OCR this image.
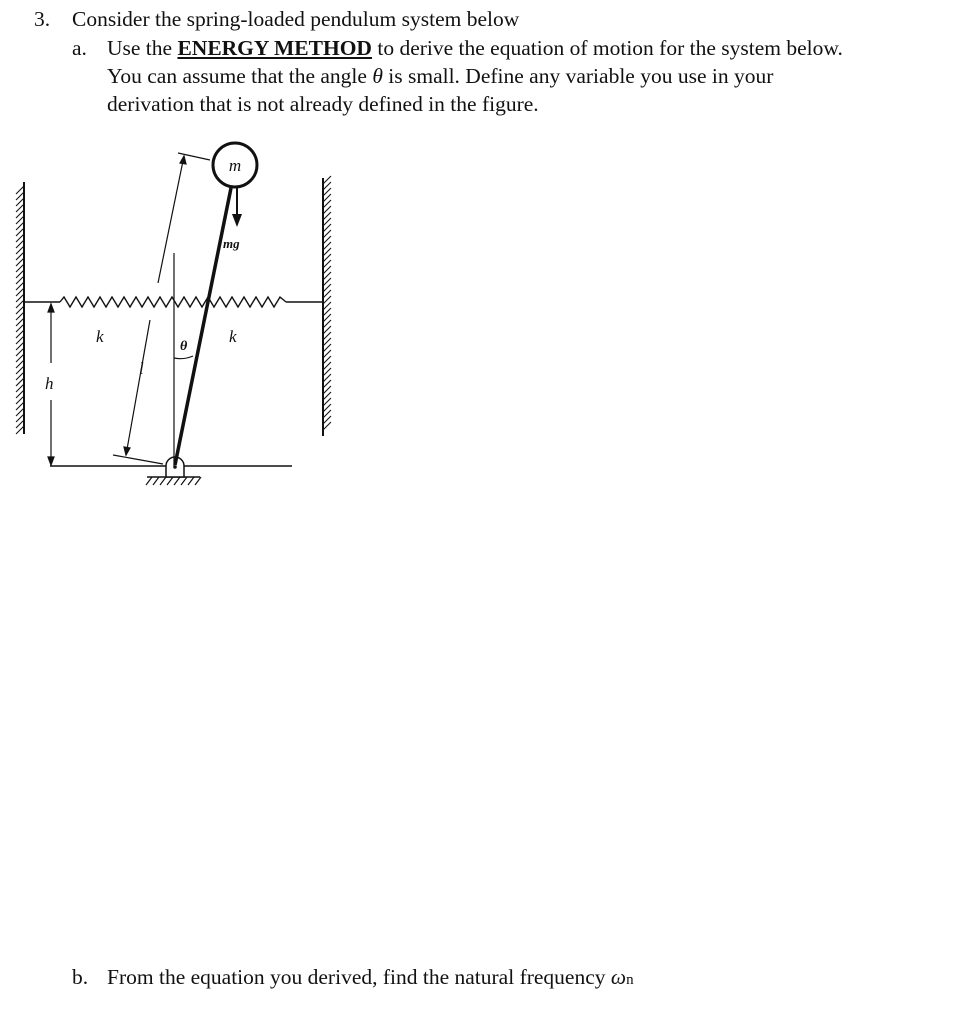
3. Consider the spring-loaded pendulum system below
a. Use the ENERGY METHOD to derive the equation of motion for the system below.
You can assume that the angle θ is small. Define any variable you use in your
derivation that is not already defined in the figure.
m
mg
l
θ
k	k
h
b. From the equation you derived, find the natural frequency ωn
